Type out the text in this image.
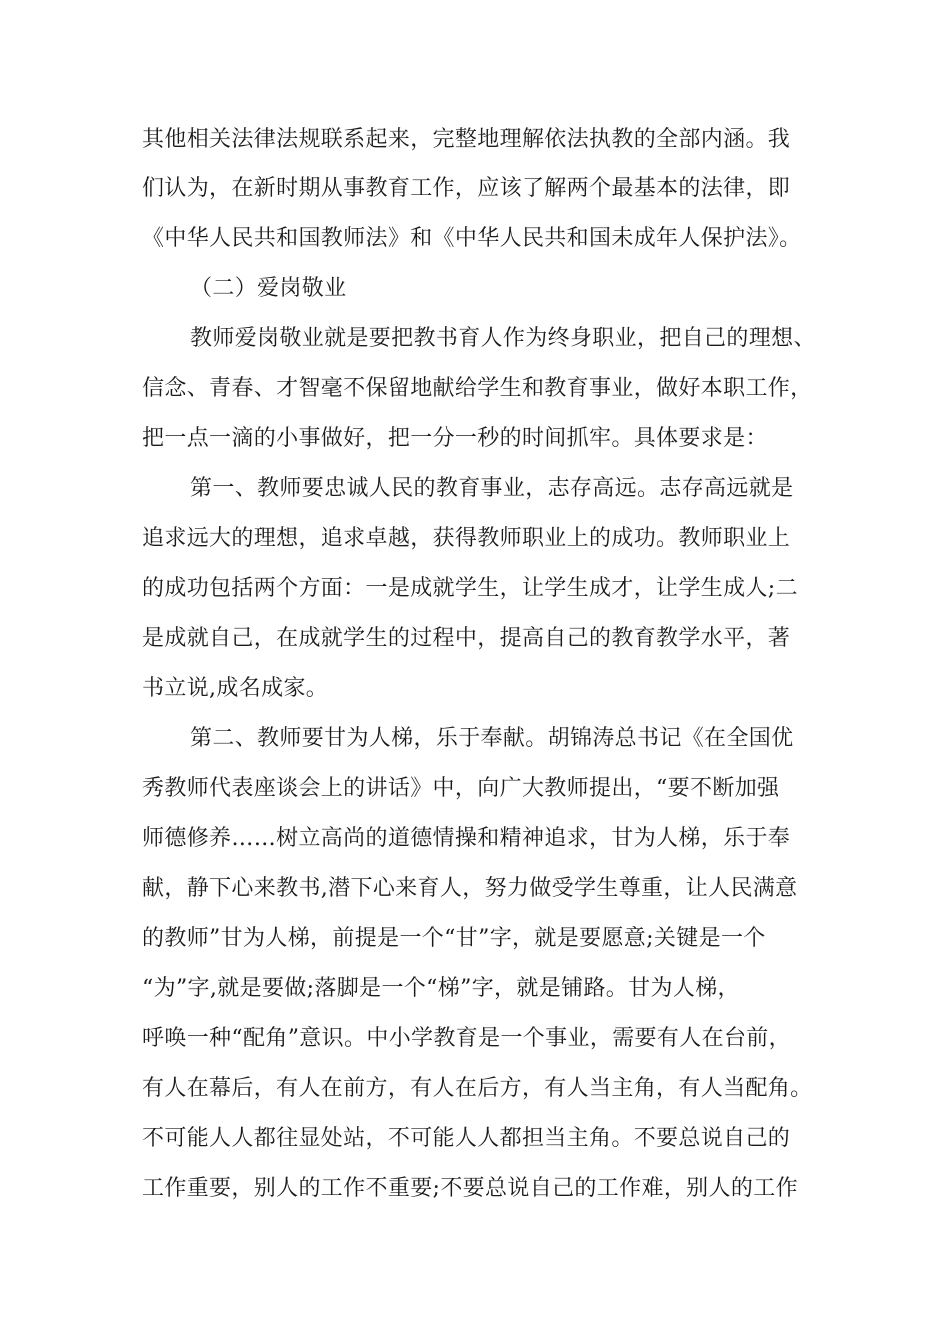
其他相关法律法规联系起来，完整地理解依法执教的全部内涵。我
们认为，在新时期从事教育工作，应该了解两个最基本的法律，即
《中华人民共和国教师法》和《中华人民共和国未成年人保护法》。
（二）爱岗敬业
教师爱岗敬业就是要把教书育人作为终身职业，把自己的理想、
信念、青春、才智毫不保留地献给学生和教育事业，做好本职工作，
把一点一滴的小事做好，把一分一秒的时间抓牢。具体要求是：
第一、教师要忠诚人民的教育事业，志存高远。志存高远就是
追求远大的理想，追求卓越，获得教师职业上的成功。教师职业上
的成功包括两个方面：一是成就学生，让学生成才，让学生成人;二
是成就自己，在成就学生的过程中，提高自己的教育教学水平，著
书立说,成名成家。
第二、教师要甘为人梯，乐于奉献。胡锦涛总书记《在全国优
秀教师代表座谈会上的讲话》中，向广大教师提出，“要不断加强
师德修养……树立高尚的道德情操和精神追求，甘为人梯，乐于奉
献，静下心来教书,潜下心来育人，努力做受学生尊重，让人民满意
的教师”甘为人梯，前提是一个“甘”字，就是要愿意;关键是一个
“为”字,就是要做;落脚是一个“梯”字，就是铺路。甘为人梯，
呼唤一种“配角”意识。中小学教育是一个事业，需要有人在台前，
有人在幕后，有人在前方，有人在后方，有人当主角，有人当配角。
不可能人人都往显处站，不可能人人都担当主角。不要总说自己的
工作重要，别人的工作不重要;不要总说自己的工作难，别人的工作
